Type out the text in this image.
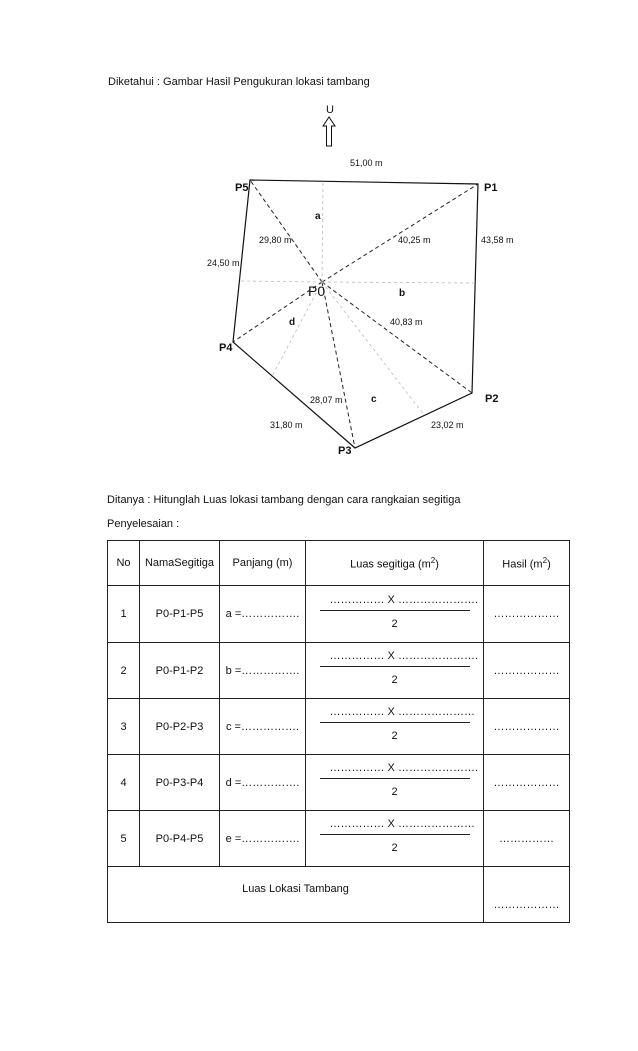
Diketahui : Gambar Hasil Pengukuran lokasi tambang
U
P0
P1
P2
P3
P4
P5
51,00 m
43,58 m
23,02 m
31,80 m
24,50 m
29,80 m	40,25 m
40,83 m
28,07 m
a
b
c
d
Ditanya : Hitunglah Luas lokasi tambang dengan cara rangkaian segitiga
Penyelesaian :
No	NamaSegitiga	Panjang (m)	Luas segitiga $(m^2)$	Hasil $(m^2)$
1	P0-P1-P5	a =…………….	$\frac{\dots\dots\dots\dots\dots X \dots\dots\dots\dots\dots\dots\dots.}{2}$	………………
2	P0-P1-P2	b =…………….	$\frac{\dots\dots\dots\dots\dots X \dots\dots\dots\dots\dots\dots\dots.}{2}$	………………
3	P0-P2-P3	c =…………….	$\frac{\dots\dots\dots\dots\dots X \dots\dots\dots\dots\dots\dots\dots}{2}$	………………
4	P0-P3-P4	d =…………….	$\frac{\dots\dots\dots\dots\dots X \dots\dots\dots\dots\dots\dots\dots.}{2}$	………………
5	P0-P4-P5	e =…………….	$\frac{\dots\dots\dots\dots\dots X \dots\dots\dots\dots\dots\dots\dots}{2}$	……………

Luas Lokasi Tambang				………………
